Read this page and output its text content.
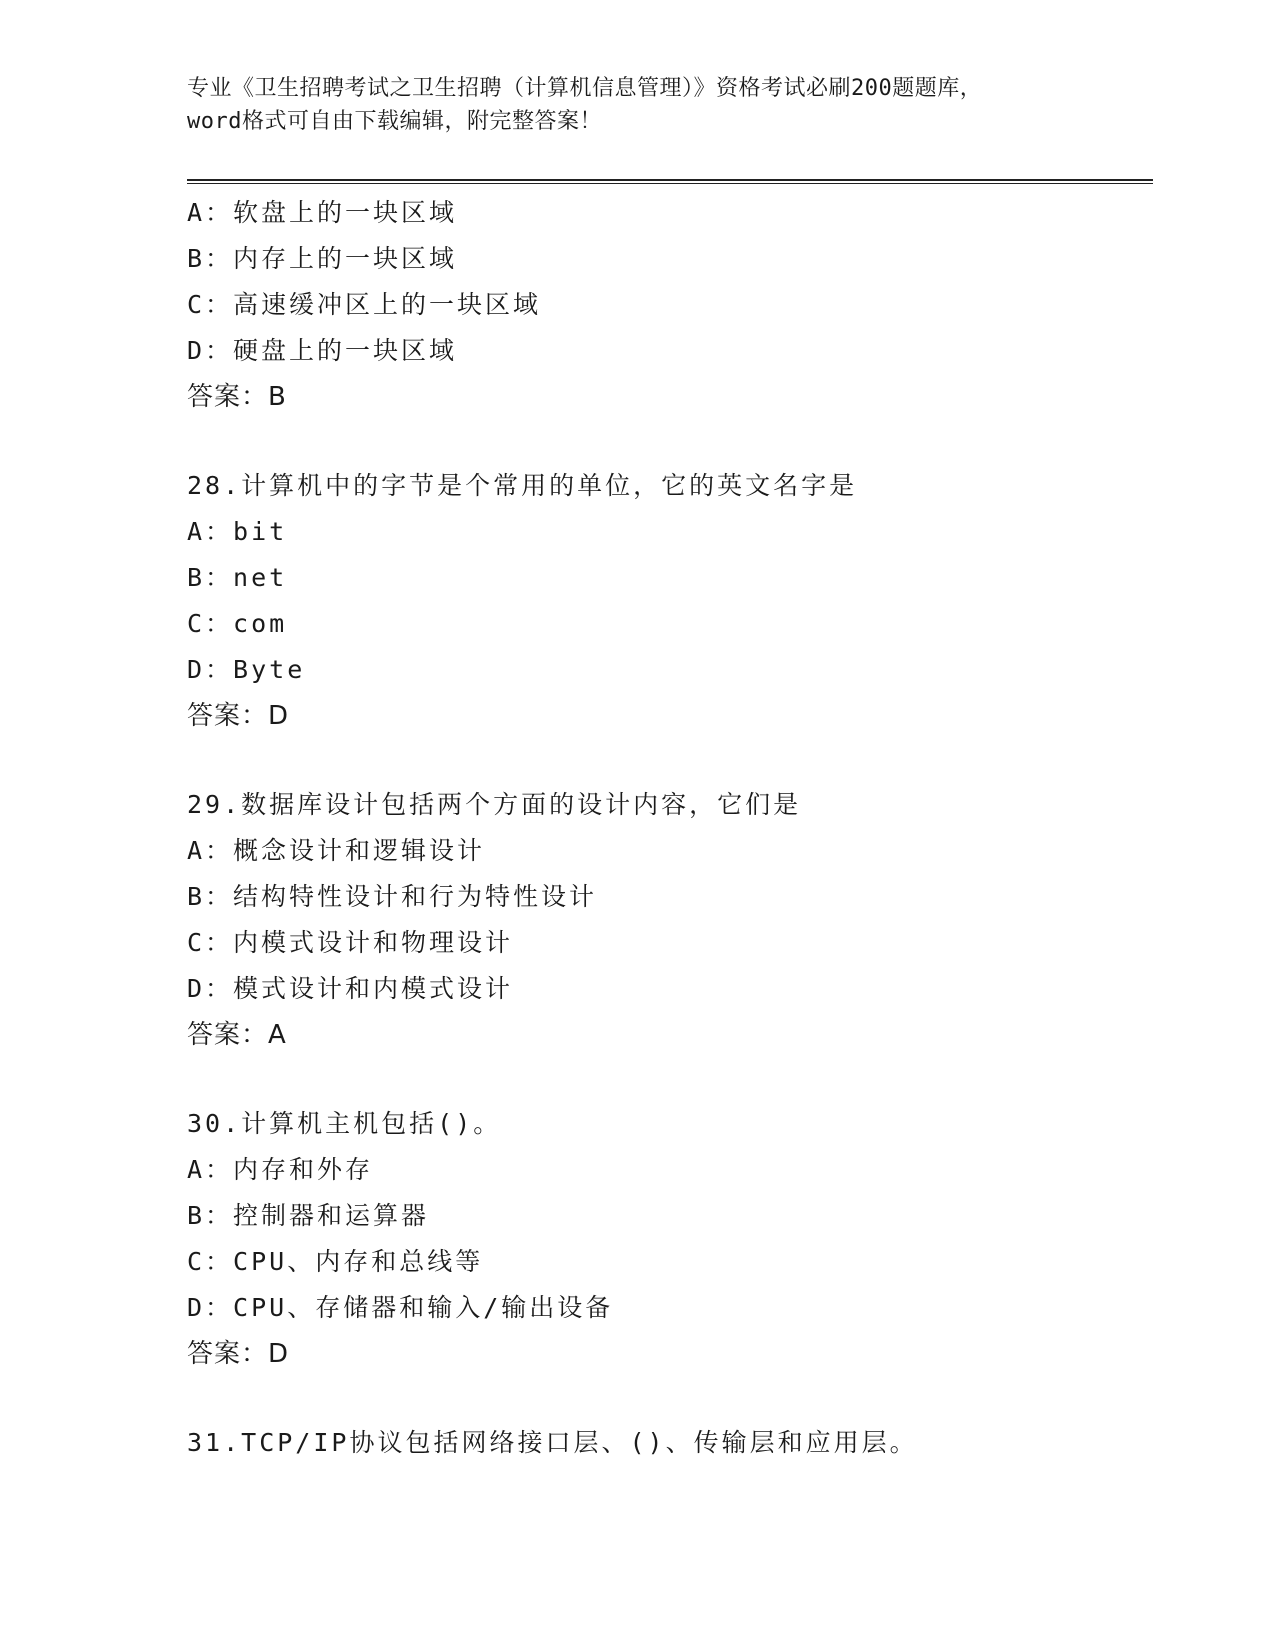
专业《卫生招聘考试之卫生招聘（计算机信息管理）》资格考试必刷200题题库，
word格式可自由下载编辑，附完整答案！
A：软盘上的一块区域
B：内存上的一块区域
C：高速缓冲区上的一块区域
D：硬盘上的一块区域
答案：B
28.计算机中的字节是个常用的单位，它的英文名字是
A：bit
B：net
C：com
D：Byte
答案：D
29.数据库设计包括两个方面的设计内容，它们是
A：概念设计和逻辑设计
B：结构特性设计和行为特性设计
C：内模式设计和物理设计
D：模式设计和内模式设计
答案：A
30.计算机主机包括()。
A：内存和外存
B：控制器和运算器
C：CPU、内存和总线等
D：CPU、存储器和输入/输出设备
答案：D
31.TCP/IP协议包括网络接口层、()、传输层和应用层。
